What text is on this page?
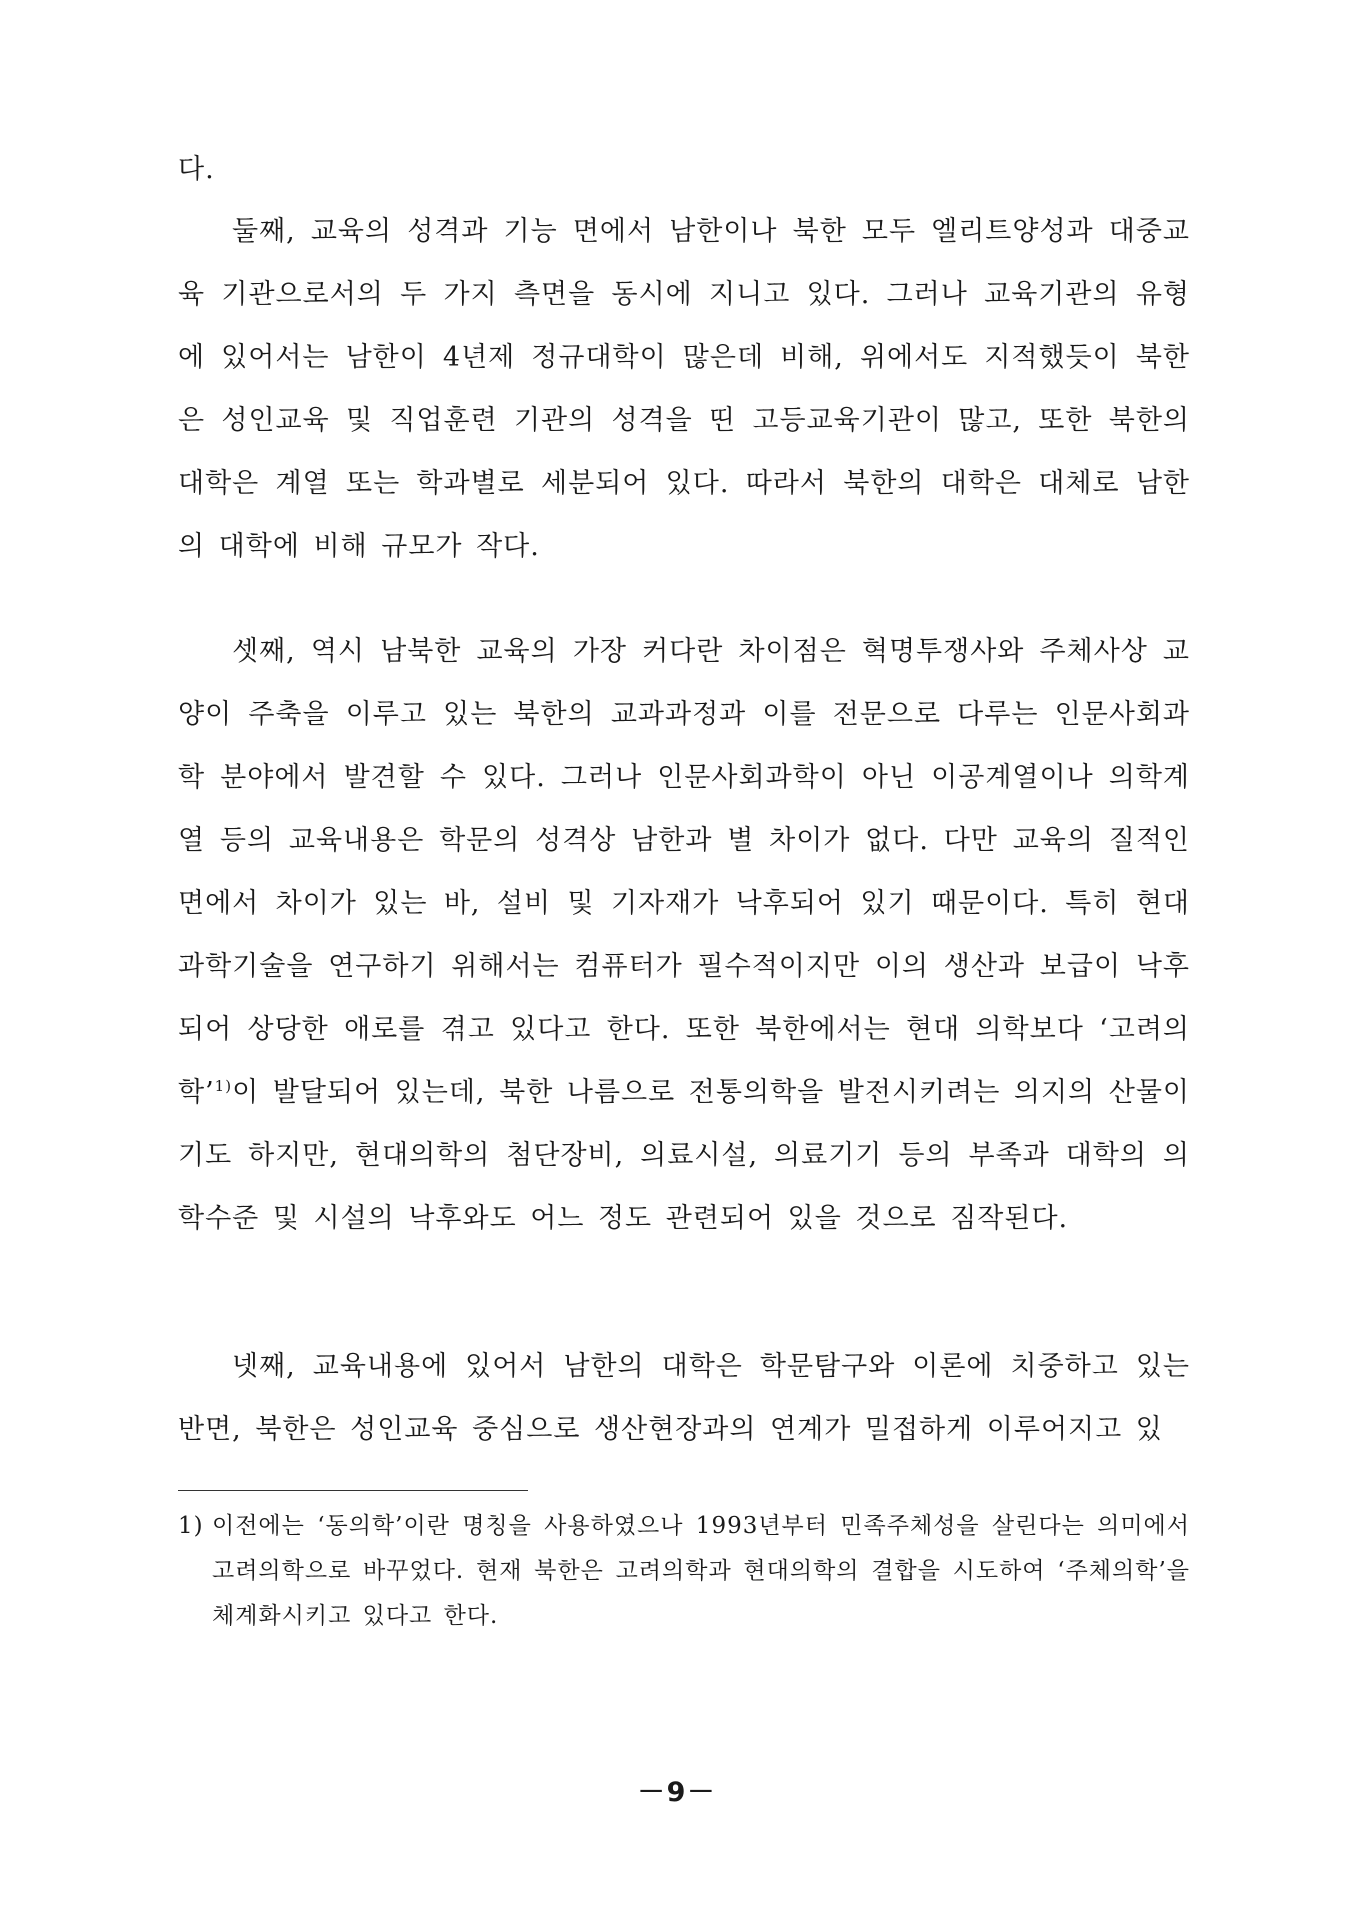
다.

둘째, 교육의 성격과 기능 면에서 남한이나 북한 모두 엘리트양성과 대중교육 기관으로서의 두 가지 측면을 동시에 지니고 있다. 그러나 교육기관의 유형에 있어서는 남한이 4년제 정규대학이 많은데 비해, 위에서도 지적했듯이 북한은 성인교육 및 직업훈련 기관의 성격을 띤 고등교육기관이 많고, 또한 북한의 대학은 계열 또는 학과별로 세분되어 있다. 따라서 북한의 대학은 대체로 남한의 대학에 비해 규모가 작다.

셋째, 역시 남북한 교육의 가장 커다란 차이점은 혁명투쟁사와 주체사상 교양이 주축을 이루고 있는 북한의 교과과정과 이를 전문으로 다루는 인문사회과학 분야에서 발견할 수 있다. 그러나 인문사회과학이 아닌 이공계열이나 의학계열 등의 교육내용은 학문의 성격상 남한과 별 차이가 없다. 다만 교육의 질적인 면에서 차이가 있는 바, 설비 및 기자재가 낙후되어 있기 때문이다. 특히 현대 과학기술을 연구하기 위해서는 컴퓨터가 필수적이지만 이의 생산과 보급이 낙후되어 상당한 애로를 겪고 있다고 한다. 또한 북한에서는 현대 의학보다 ‘고려의학’$^{1)}$이 발달되어 있는데, 북한 나름으로 전통의학을 발전시키려는 의지의 산물이기도 하지만, 현대의학의 첨단장비, 의료시설, 의료기기 등의 부족과 대학의 의학수준 및 시설의 낙후와도 어느 정도 관련되어 있을 것으로 짐작된다.

넷째, 교육내용에 있어서 남한의 대학은 학문탐구와 이론에 치중하고 있는 반면, 북한은 성인교육 중심으로 생산현장과의 연계가 밀접하게 이루어지고 있

1) 이전에는 ‘동의학’이란 명칭을 사용하였으나 1993년부터 민족주체성을 살린다는 의미에서 고려의학으로 바꾸었다. 현재 북한은 고려의학과 현대의학의 결합을 시도하여 ‘주체의학’을 체계화시키고 있다고 한다.
－9－
